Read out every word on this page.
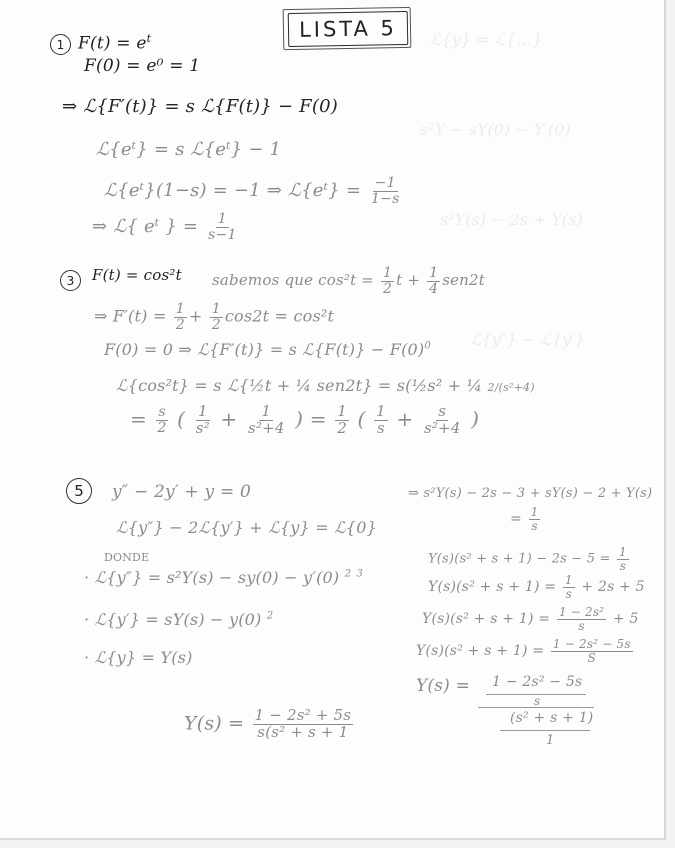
ℒ{y} = ℒ{…}
s²Y − sY(0) − Y′(0)
s²Y(s) − 2s + Y(s)
ℒ{y″} − ℒ{y′}
LISTA 5
1 $F(t) = e^t$
F(0) = e⁰ = 1
⇒ ℒ{F′(t)} = s ℒ{F(t)} − F(0)
ℒ{eᵗ} = s ℒ{eᵗ} − 1
ℒ{eᵗ}(1−s) = −1 ⇒ ℒ{eᵗ} = $\frac{-1}{1-s}$
⇒ ℒ{ eᵗ } = $\frac{1}{s-1}$
3	F(t) = cos²t sabemos que $\cos^2t = \frac{1}{2}$ $t + \frac{1}{4} sen2t$
⇒ $F'(t) = \frac{1}{2} + \frac{1}{2} \cos 2t = \cos^2t$
F(0) = 0 ⇒ ℒ{F′(t)} = s ℒ{F(t)} − $F(0)^0$
ℒ{cos²t} = s ℒ{½t + ¼ sen2t} = s(½s² + ¼ 2/(s²+4)
= $\frac{s}{2}$ ( $\frac{1}{\text{s²}} + \frac{1}{\text{s²+4}}$ ) = $\frac{1}{2}$ ( $\frac{1}{s} + \frac{s}{\text{s²+4}}$ )
5	y″ − 2y′ + y = 0
ℒ{y″} − 2ℒ{y′} + ℒ{y} = ℒ{0}
DONDE
· ℒ{y″} = s²Y(s) − sy(0) − y′(0) $^2$ $^3$
· ℒ{y′} = sY(s) − y(0) $^2$
· ℒ{y} = Y(s)
$Y(s) = \frac{\text{1 − 2s² + 5s}}{\text{s(s² + s + 1}}$
⇒ s²Y(s) − 2s − 3 + sY(s) − 2 + Y(s)
= $\frac{1}{s}$
$Y(s)(s^2 + s + 1) - 2s - 5 = \frac{1}{s}$
$Y(s)(s^2 + s + 1) = \frac{1}{s} + 2s + 5$
$Y(s)(s^2 + s + 1) = \frac{\text{1 − 2s²}}{s} + 5$
$Y(s)(s^2 + s + 1) = \frac{\text{1 − 2s² − 5s}}{S}$
Y(s) = 1 − 2s² − 5s
s
(s² + s + 1)
1
